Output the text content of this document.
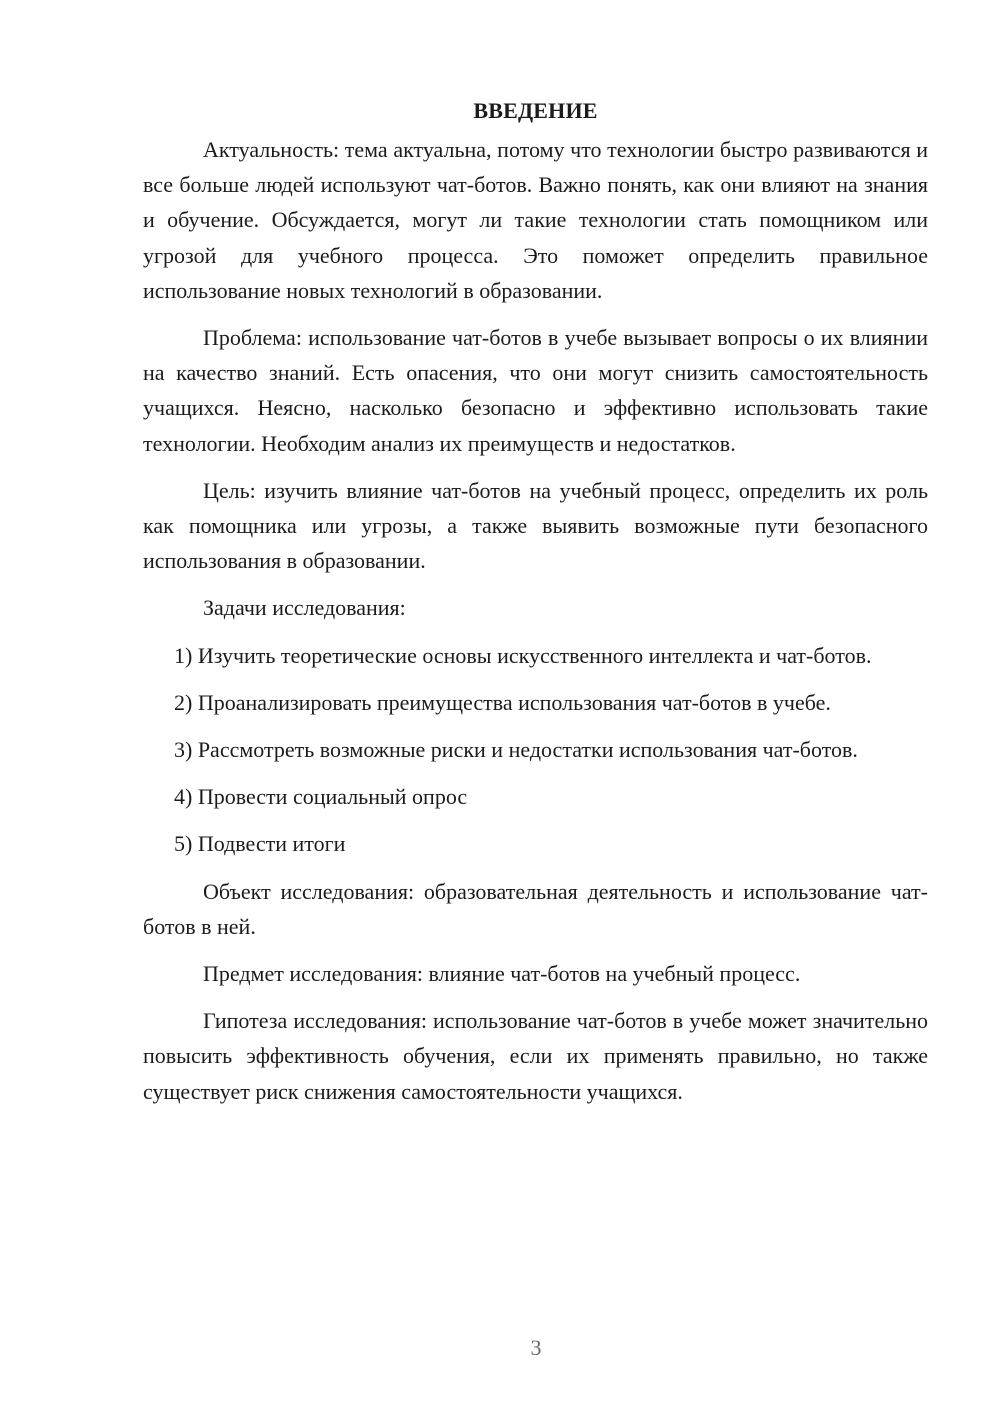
ВВЕДЕНИЕ

Актуальность: тема актуальна, потому что технологии быстро развиваются и все больше людей используют чат-ботов. Важно понять, как они влияют на знания и обучение. Обсуждается, могут ли такие технологии стать помощником или угрозой для учебного процесса. Это поможет определить правильное использование новых технологий в образовании.

Проблема: использование чат-ботов в учебе вызывает вопросы о их влиянии на качество знаний. Есть опасения, что они могут снизить самостоятельность учащихся. Неясно, насколько безопасно и эффективно использовать такие технологии. Необходим анализ их преимуществ и недостатков.

Цель: изучить влияние чат-ботов на учебный процесс, определить их роль как помощника или угрозы, а также выявить возможные пути безопасного использования в образовании.

Задачи исследования:

1) Изучить теоретические основы искусственного интеллекта и чат-ботов.

2) Проанализировать преимущества использования чат-ботов в учебе.

3) Рассмотреть возможные риски и недостатки использования чат-ботов.

4) Провести социальный опрос

5) Подвести итоги

Объект исследования: образовательная деятельность и использование чат-ботов в ней.

Предмет исследования: влияние чат-ботов на учебный процесс.

Гипотеза исследования: использование чат-ботов в учебе может значительно повысить эффективность обучения, если их применять правильно, но также существует риск снижения самостоятельности учащихся.

3
